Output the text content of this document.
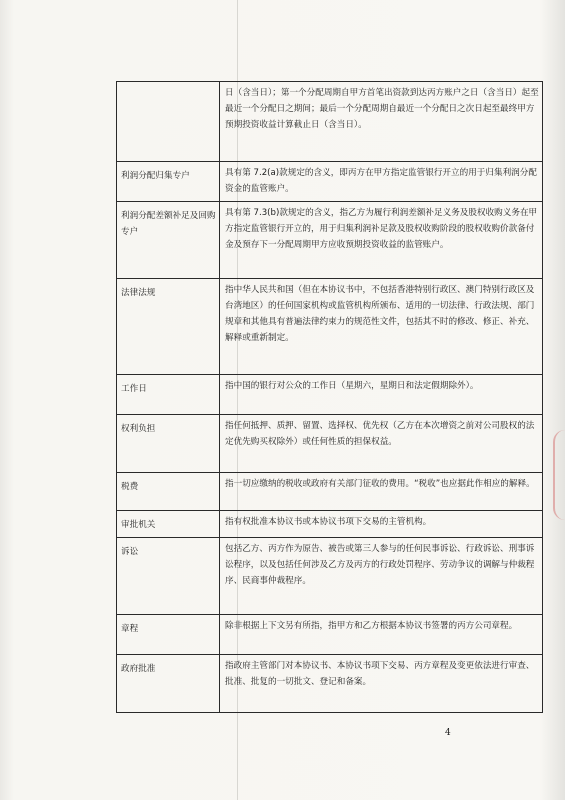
	日（含当日）；第一个分配周期自甲方首笔出资款到达丙方账户之日（含当日）起至最近一个分配日之期间；最后一个分配周期自最近一个分配日之次日起至最终甲方预期投资收益计算截止日（含当日）。
利润分配归集专户	具有第 7.2(a)款规定的含义，即丙方在甲方指定监管银行开立的用于归集利润分配资金的监管账户。
利润分配差额补足及回购专户	具有第 7.3(b)款规定的含义，指乙方为履行利润差额补足义务及股权收购义务在甲方指定监管银行开立的，用于归集利润补足款及股权收购阶段的股权收购价款备付金及预存下一分配周期甲方应收预期投资收益的监管账户。
法律法规	指中华人民共和国（但在本协议书中，不包括香港特别行政区、澳门特别行政区及台湾地区）的任何国家机构或监管机构所颁布、适用的一切法律、行政法规、部门规章和其他具有普遍法律约束力的规范性文件，包括其不时的修改、修正、补充、解释或重新制定。
工作日	指中国的银行对公众的工作日（星期六，星期日和法定假期除外）。
权利负担	指任何抵押、质押、留置、选择权、优先权（乙方在本次增资之前对公司股权的法定优先购买权除外）或任何性质的担保权益。
税费	指一切应缴纳的税收或政府有关部门征收的费用。“税收”也应据此作相应的解释。
审批机关	指有权批准本协议书或本协议书项下交易的主管机构。
诉讼	包括乙方、丙方作为原告、被告或第三人参与的任何民事诉讼、行政诉讼、刑事诉讼程序，以及包括任何涉及乙方及丙方的行政处罚程序、劳动争议的调解与仲裁程序、民商事仲裁程序。
章程	除非根据上下文另有所指，指甲方和乙方根据本协议书签署的丙方公司章程。
政府批准	指政府主管部门对本协议书、本协议书项下交易、丙方章程及变更依法进行审查、批准、批复的一切批文、登记和备案。
4
